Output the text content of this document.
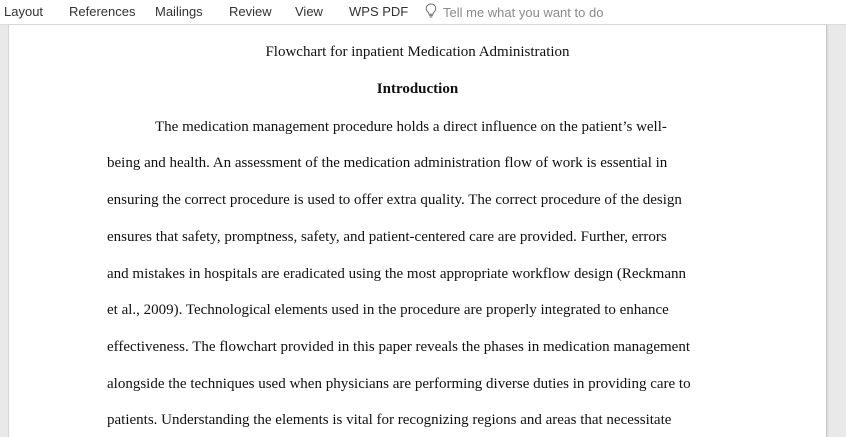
Layout References Mailings Review View WPS PDF	Tell me what you want to do
Flowchart for inpatient Medication Administration
Introduction
The medication management procedure holds a direct influence on the patient’s well-
being and health. An assessment of the medication administration flow of work is essential in
ensuring the correct procedure is used to offer extra quality. The correct procedure of the design
ensures that safety, promptness, safety, and patient-centered care are provided. Further, errors
and mistakes in hospitals are eradicated using the most appropriate workflow design (Reckmann
et al., 2009). Technological elements used in the procedure are properly integrated to enhance
effectiveness. The flowchart provided in this paper reveals the phases in medication management
alongside the techniques used when physicians are performing diverse duties in providing care to
patients. Understanding the elements is vital for recognizing regions and areas that necessitate
